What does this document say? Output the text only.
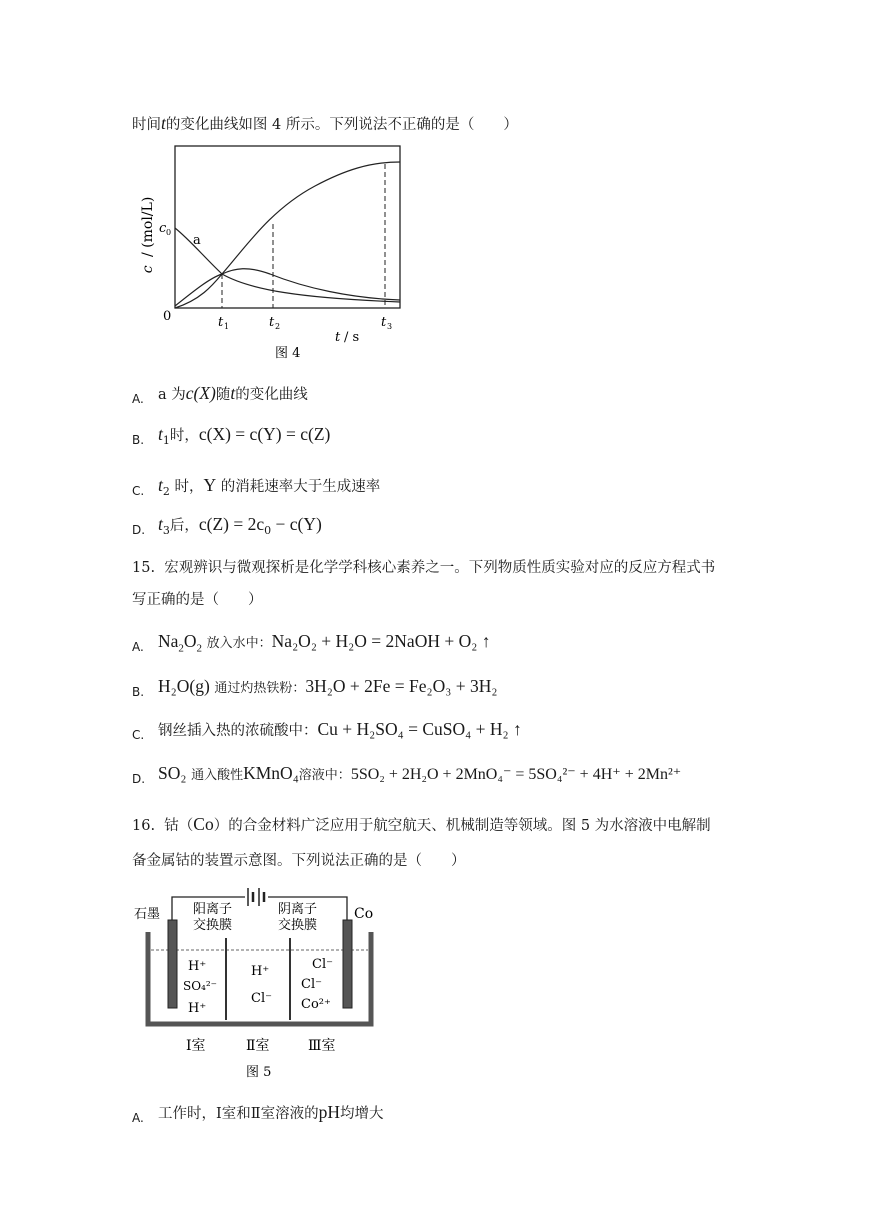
时间t的变化曲线如图 4 所示。下列说法不正确的是（　　）
c / (mol/L) c 0
a
0	t 1	t 2	t 3
t / s
图 4
A. a 为c(X)随t的变化曲线
B. $t_1$时，c(X) = c(Y) = c(Z)
C. $t_2$ 时，Y 的消耗速率大于生成速率
D. $t_3$后，$c(Z) = 2c_0 - c(Y)$
15. 宏观辨识与微观探析是化学学科核心素养之一。下列物质性质实验对应的反应方程式书
写正确的是（　　）
A. $Na_2O_2$ 放入水中：Na₂O₂ + H₂O = 2NaOH + O₂ ↑
B. H₂O(g) 通过灼热铁粉：3H₂O + 2Fe = Fe₂O₃ + 3H₂
C. 钢丝插入热的浓硫酸中：Cu + H₂SO₄ = CuSO₄ + H₂ ↑
D. SO₂ 通入酸性KMnO₄溶液中：5SO₂ + 2H₂O + 2MnO₄⁻ = 5SO₄²⁻ + 4H⁺ + 2Mn²⁺
16. 钴（Co）的合金材料广泛应用于航空航天、机械制造等领域。图 5 为水溶液中电解制
备金属钴的装置示意图。下列说法正确的是（　　）
石墨	Co
阳离子
交换膜
阴离子
交换膜
H⁺
SO₄²⁻
H⁺
H⁺
Cl⁻
Cl⁻
Cl⁻
Co²⁺
Ⅰ室	Ⅱ室	Ⅲ室
图 5
A. 工作时，Ⅰ室和Ⅱ室溶液的pH均增大
